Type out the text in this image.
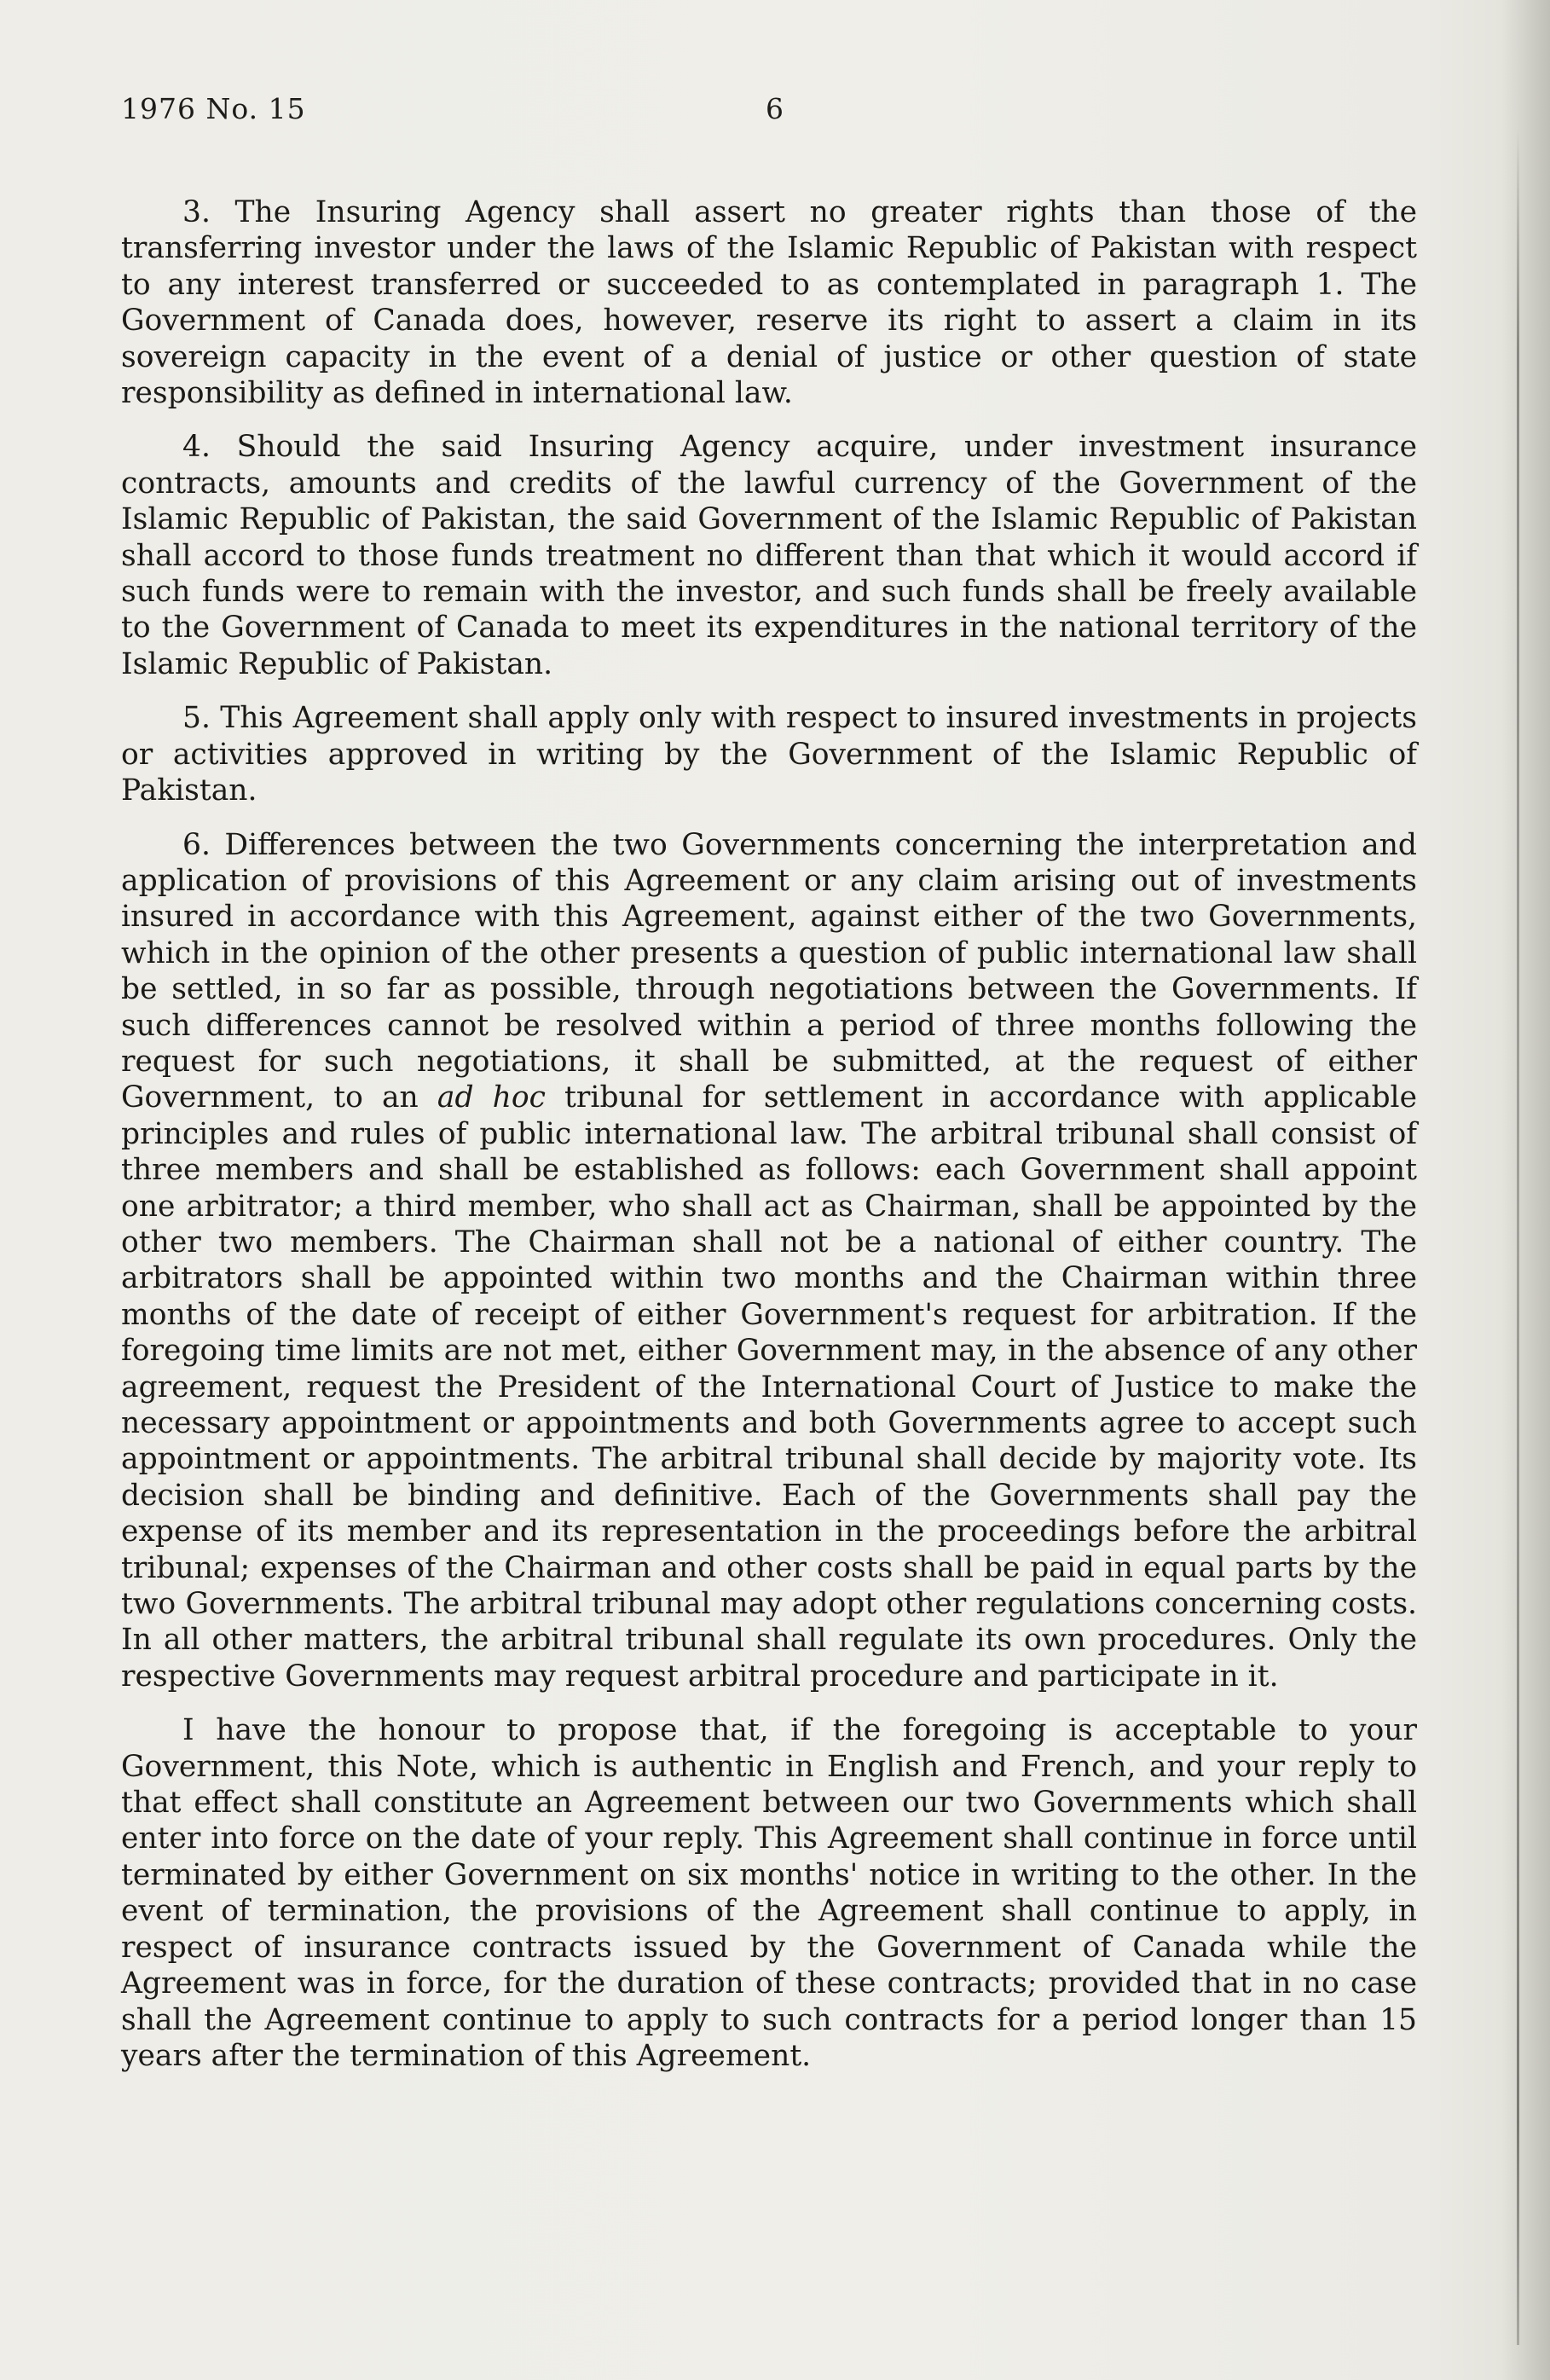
1976 No. 15	6

3. The Insuring Agency shall assert no greater rights than those of the transferring investor under the laws of the Islamic Republic of Pakistan with respect to any interest transferred or succeeded to as contemplated in paragraph 1. The Government of Canada does, however, reserve its right to assert a claim in its sovereign capacity in the event of a denial of justice or other question of state responsibility as defined in international law.

4. Should the said Insuring Agency acquire, under investment insurance contracts, amounts and credits of the lawful currency of the Government of the Islamic Republic of Pakistan, the said Government of the Islamic Republic of Pakistan shall accord to those funds treatment no different than that which it would accord if such funds were to remain with the investor, and such funds shall be freely available to the Government of Canada to meet its expenditures in the national territory of the Islamic Republic of Pakistan.

5. This Agreement shall apply only with respect to insured investments in projects or activities approved in writing by the Government of the Islamic Republic of Pakistan.

6. Differences between the two Governments concerning the interpretation and application of provisions of this Agreement or any claim arising out of investments insured in accordance with this Agreement, against either of the two Governments, which in the opinion of the other presents a question of public international law shall be settled, in so far as possible, through negotiations between the Governments. If such differences cannot be resolved within a period of three months following the request for such negotiations, it shall be submitted, at the request of either Government, to an ad hoc tribunal for settlement in accordance with applicable principles and rules of public international law. The arbitral tribunal shall consist of three members and shall be established as follows: each Government shall appoint one arbitrator; a third member, who shall act as Chairman, shall be appointed by the other two members. The Chairman shall not be a national of either country. The arbitrators shall be appointed within two months and the Chairman within three months of the date of receipt of either Government's request for arbitration. If the foregoing time limits are not met, either Government may, in the absence of any other agreement, request the President of the International Court of Justice to make the necessary appointment or appointments and both Governments agree to accept such appointment or appointments. The arbitral tribunal shall decide by majority vote. Its decision shall be binding and definitive. Each of the Governments shall pay the expense of its member and its representation in the proceedings before the arbitral tribunal; expenses of the Chairman and other costs shall be paid in equal parts by the two Governments. The arbitral tribunal may adopt other regulations concerning costs. In all other matters, the arbitral tribunal shall regulate its own procedures. Only the respective Governments may request arbitral procedure and participate in it.

I have the honour to propose that, if the foregoing is acceptable to your Government, this Note, which is authentic in English and French, and your reply to that effect shall constitute an Agreement between our two Governments which shall enter into force on the date of your reply. This Agreement shall continue in force until terminated by either Government on six months' notice in writing to the other. In the event of termination, the provisions of the Agreement shall continue to apply, in respect of insurance contracts issued by the Government of Canada while the Agreement was in force, for the duration of these contracts; provided that in no case shall the Agreement continue to apply to such contracts for a period longer than 15 years after the termination of this Agreement.
